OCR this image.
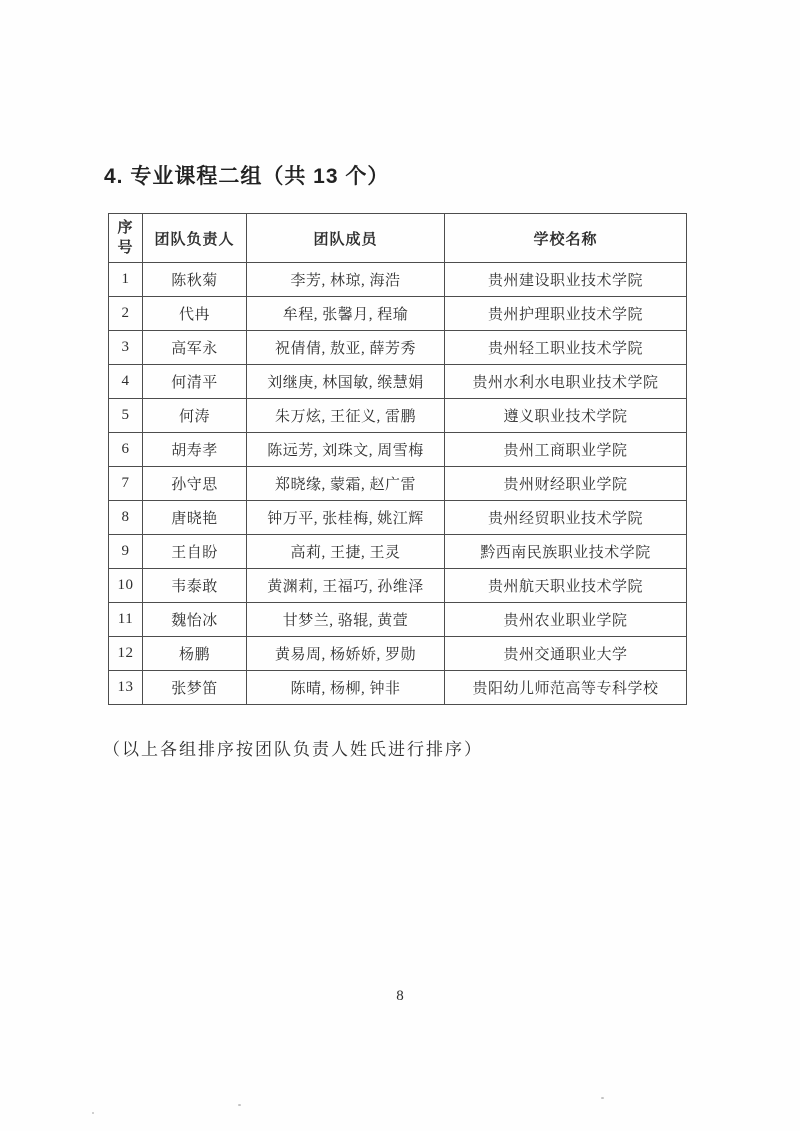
4. 专业课程二组（共 13 个）
序号	团队负责人	团队成员	学校名称
1	陈秋菊	李芳, 林琼, 海浩	贵州建设职业技术学院
2	代冉	牟程, 张馨月, 程瑜	贵州护理职业技术学院
3	高军永	祝倩倩, 敖亚, 薛芳秀	贵州轻工职业技术学院
4	何清平	刘继庚, 林国敏, 缑慧娟	贵州水利水电职业技术学院
5	何涛	朱万炫, 王征义, 雷鹏	遵义职业技术学院
6	胡寿孝	陈远芳, 刘珠文, 周雪梅	贵州工商职业学院
7	孙守思	郑晓缘, 蒙霜, 赵广雷	贵州财经职业学院
8	唐晓艳	钟万平, 张桂梅, 姚江辉	贵州经贸职业技术学院
9	王自盼	高莉, 王捷, 王灵	黔西南民族职业技术学院
10	韦泰敢	黄渊莉, 王福巧, 孙维泽	贵州航天职业技术学院
11	魏怡冰	甘梦兰, 骆辊, 黄萱	贵州农业职业学院
12	杨鹏	黄易周, 杨娇娇, 罗勋	贵州交通职业大学
13	张梦笛	陈晴, 杨柳, 钟非	贵阳幼儿师范高等专科学校
（以上各组排序按团队负责人姓氏进行排序）
8
